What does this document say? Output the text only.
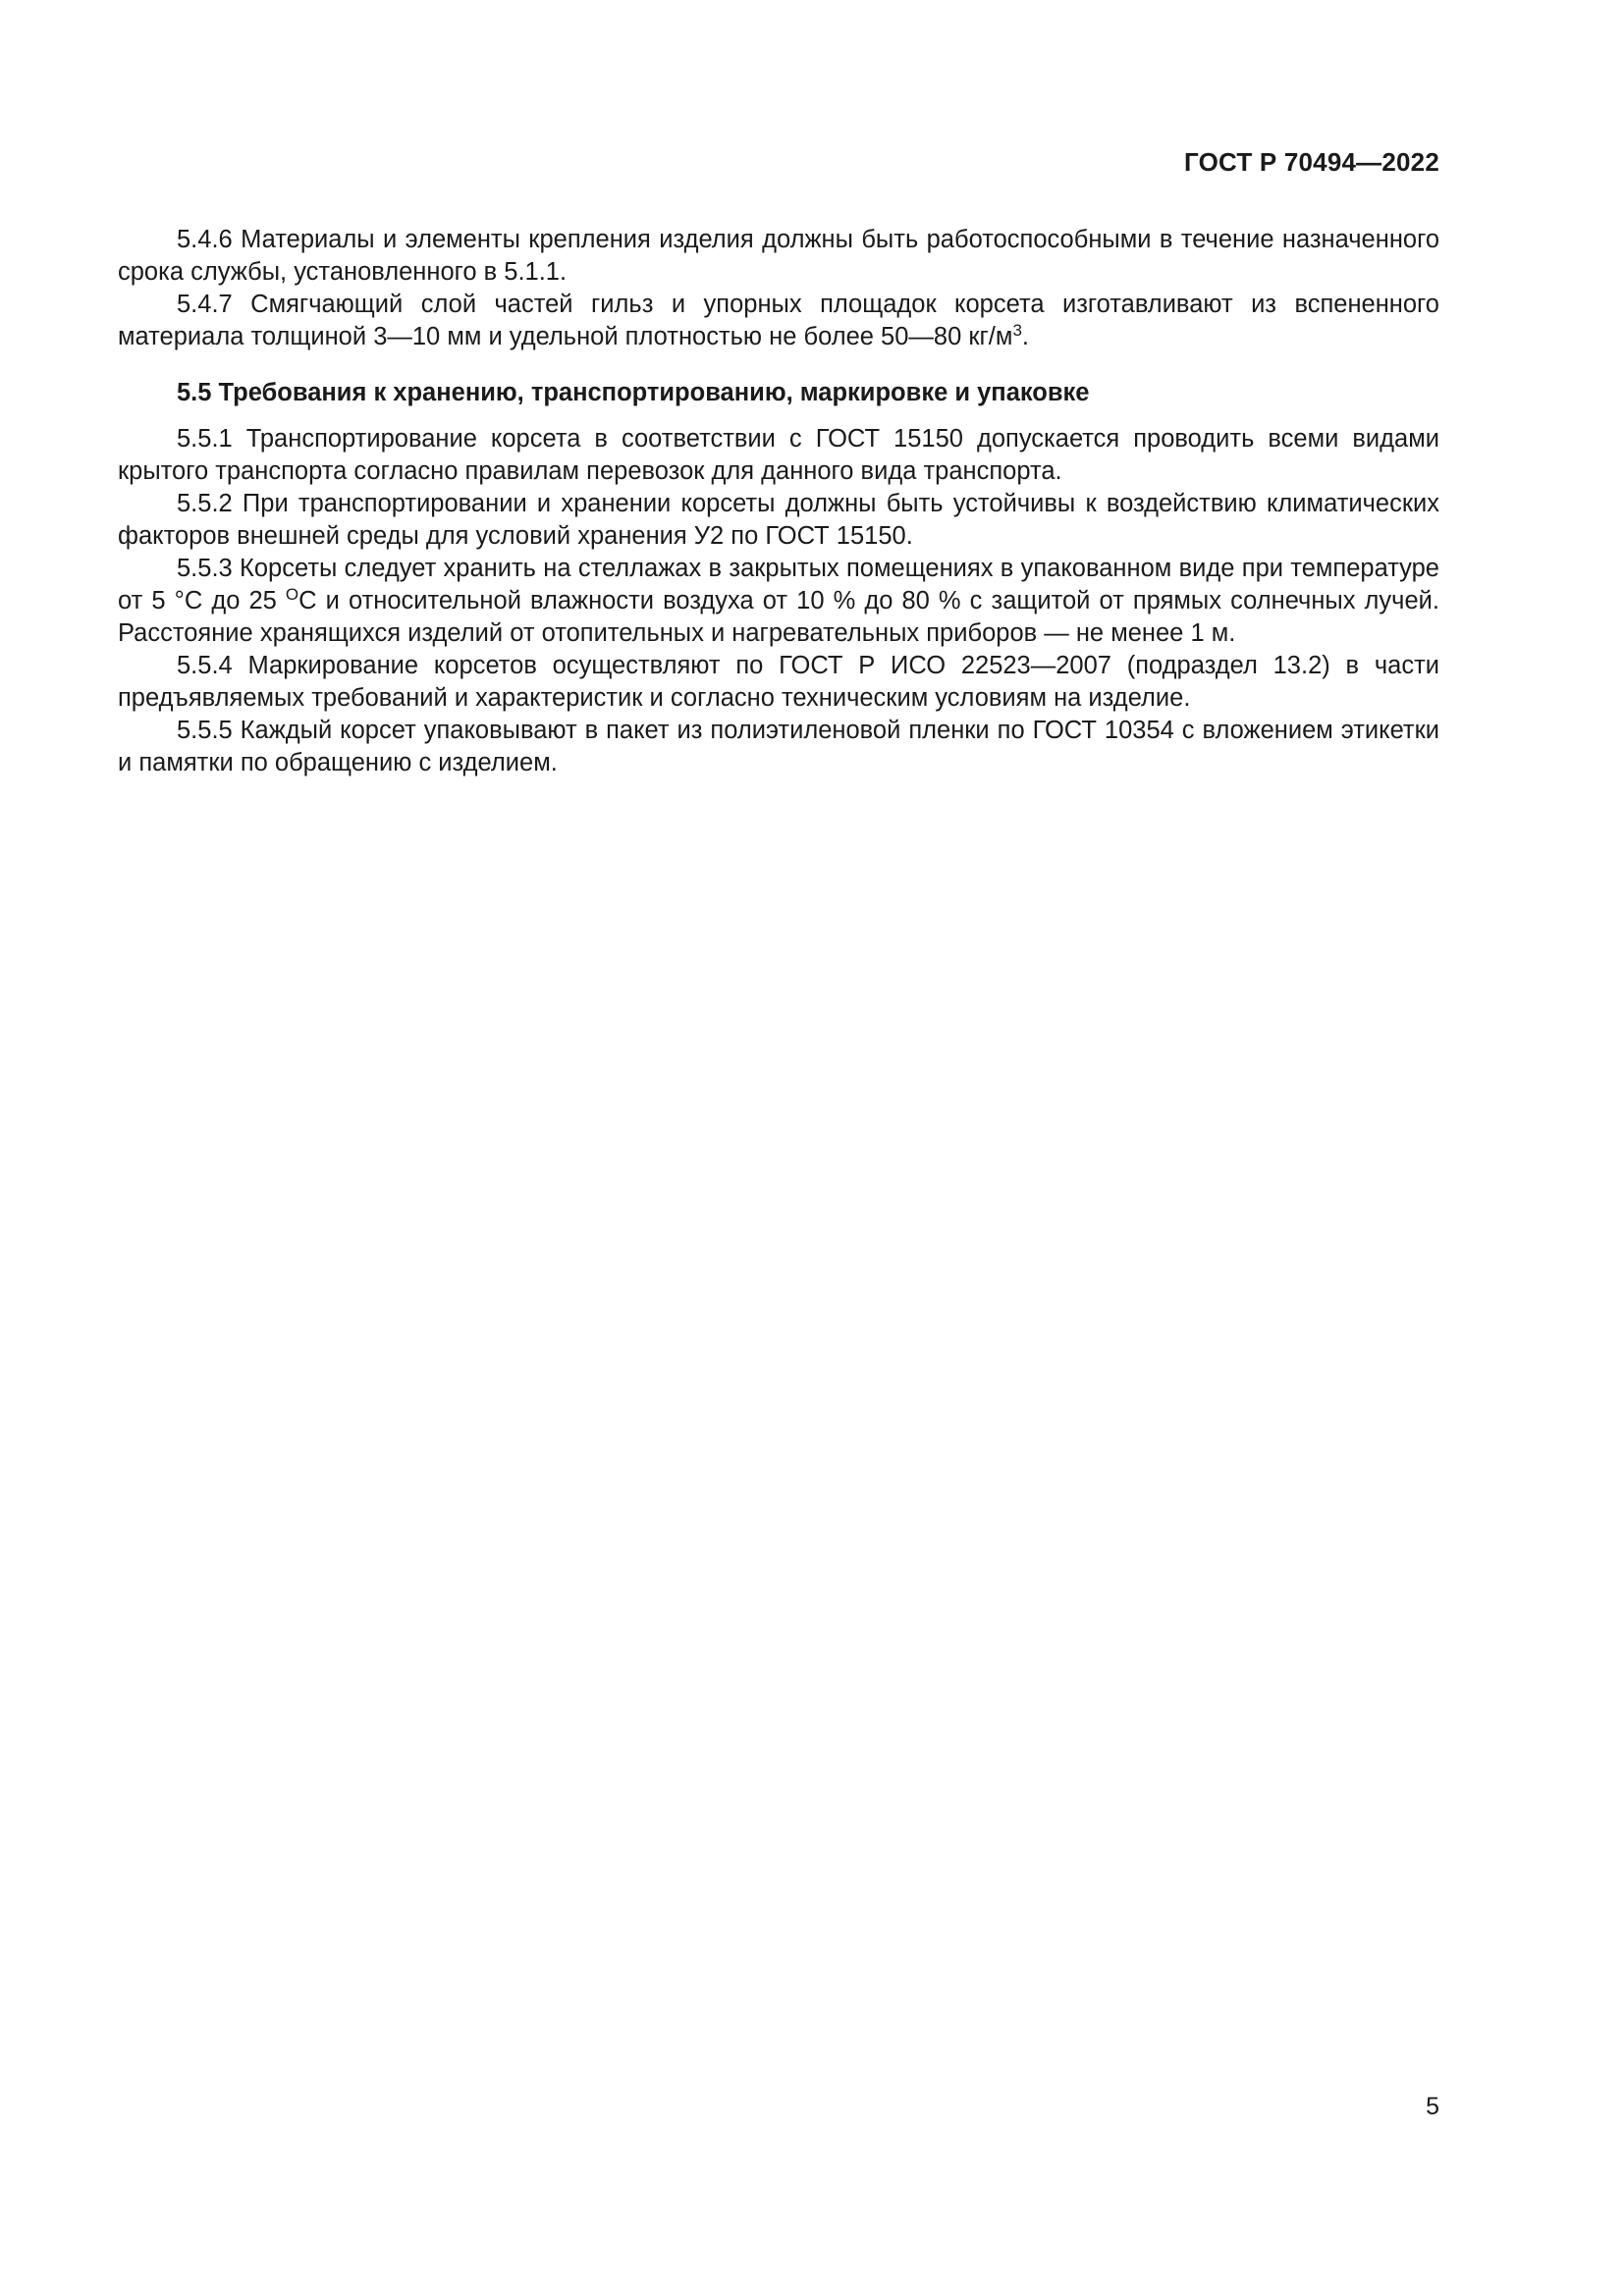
ГОСТ Р 70494—2022

5.4.6 Материалы и элементы крепления изделия должны быть работоспособными в течение назначенного срока службы, установленного в 5.1.1.

5.4.7 Смягчающий слой частей гильз и упорных площадок корсета изготавливают из вспененного материала толщиной 3—10 мм и удельной плотностью не более 50—80 $кг/м^3$.

5.5 Требования к хранению, транспортированию, маркировке и упаковке

5.5.1 Транспортирование корсета в соответствии с ГОСТ 15150 допускается проводить всеми видами крытого транспорта согласно правилам перевозок для данного вида транспорта.

5.5.2 При транспортировании и хранении корсеты должны быть устойчивы к воздействию климатических факторов внешней среды для условий хранения У2 по ГОСТ 15150.

5.5.3 Корсеты следует хранить на стеллажах в закрытых помещениях в упакованном виде при температуре от 5 °С до 25 $^О$С и относительной влажности воздуха от 10 % до 80 % с защитой от прямых солнечных лучей. Расстояние хранящихся изделий от отопительных и нагревательных приборов — не менее 1 м.

5.5.4 Маркирование корсетов осуществляют по ГОСТ Р ИСО 22523—2007 (подраздел 13.2) в части предъявляемых требований и характеристик и согласно техническим условиям на изделие.

5.5.5 Каждый корсет упаковывают в пакет из полиэтиленовой пленки по ГОСТ 10354 с вложением этикетки и памятки по обращению с изделием.

5
